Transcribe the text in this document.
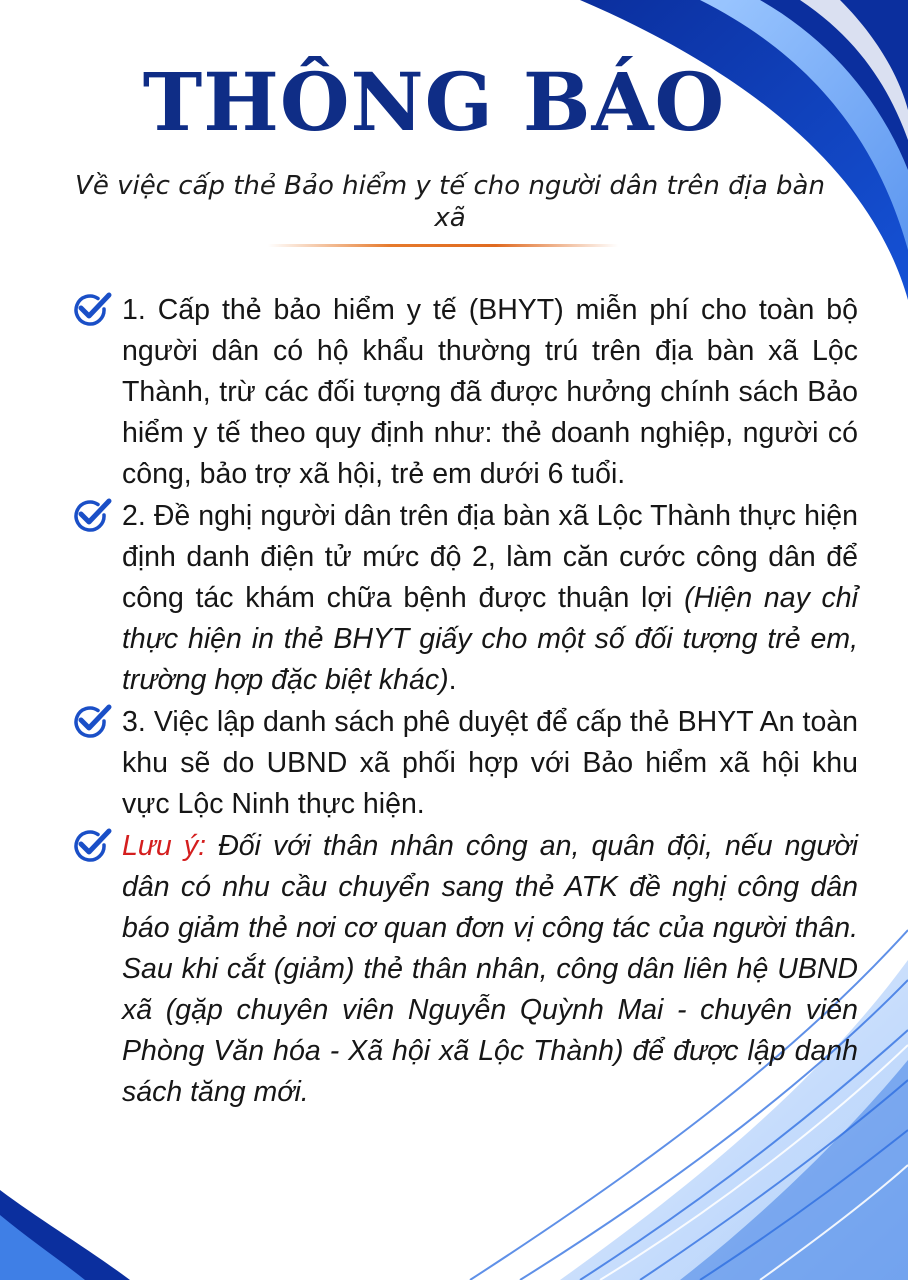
THÔNG BÁO
Về việc cấp thẻ Bảo hiểm y tế cho người dân trên địa bàn xã

1. Cấp thẻ bảo hiểm y tế (BHYT) miễn phí cho toàn bộ người dân có hộ khẩu thường trú trên địa bàn xã Lộc Thành, trừ các đối tượng đã được hưởng chính sách Bảo hiểm y tế theo quy định như: thẻ doanh nghiệp, người có công, bảo trợ xã hội, trẻ em dưới 6 tuổi.

2. Đề nghị người dân trên địa bàn xã Lộc Thành thực hiện định danh điện tử mức độ 2, làm căn cước công dân để công tác khám chữa bệnh được thuận lợi (Hiện nay chỉ thực hiện in thẻ BHYT giấy cho một số đối tượng trẻ em, trường hợp đặc biệt khác).

3. Việc lập danh sách phê duyệt để cấp thẻ BHYT An toàn khu sẽ do UBND xã phối hợp với Bảo hiểm xã hội khu vực Lộc Ninh thực hiện.

Lưu ý: Đối với thân nhân công an, quân đội, nếu người dân có nhu cầu chuyển sang thẻ ATK đề nghị công dân báo giảm thẻ nơi cơ quan đơn vị công tác của người thân. Sau khi cắt (giảm) thẻ thân nhân, công dân liên hệ UBND xã (gặp chuyên viên Nguyễn Quỳnh Mai - chuyên viên Phòng Văn hóa - Xã hội xã Lộc Thành) để được lập danh sách tăng mới.
